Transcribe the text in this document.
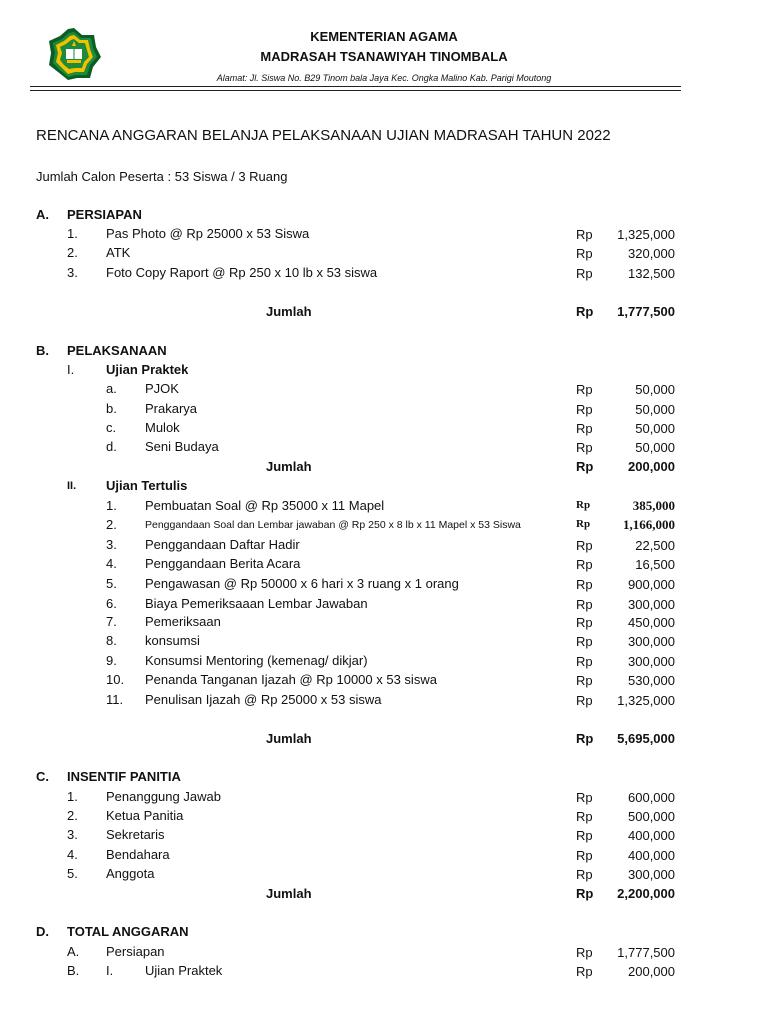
KEMENTERIAN AGAMA
MADRASAH TSANAWIYAH TINOMBALA
Alamat: Jl. Siswa No. B29 Tinom bala Jaya Kec. Ongka Malino Kab. Parigi Moutong
RENCANA ANGGARAN BELANJA PELAKSANAAN UJIAN MADRASAH TAHUN 2022
Jumlah Calon Peserta : 53 Siswa / 3 Ruang
A. PERSIAPAN
1. Pas Photo @ Rp 25000 x 53 Siswa	Rp 1,325,000
2. ATK	Rp	320,000
3. Foto Copy Raport @ Rp 250 x 10 lb x 53 siswa	Rp	132,500
Jumlah	Rp 1,777,500
B. PELAKSANAAN
I. Ujian Praktek
a. PJOK	Rp	50,000
b. Prakarya	Rp	50,000
c. Mulok	Rp	50,000
d. Seni Budaya	Rp	50,000
Jumlah	Rp	200,000
II. Ujian Tertulis
1. Pembuatan Soal @ Rp 35000 x 11 Mapel	Rp	385,000
2.	Penggandaan Soal dan Lembar jawaban @ Rp 250 x 8 lb x 11 Mapel x 53 Siswa	Rp	1,166,000
3. Penggandaan Daftar Hadir	Rp	22,500
4. Penggandaan Berita Acara	Rp	16,500
5. Pengawasan @ Rp 50000 x 6 hari x 3 ruang x 1 orang	Rp	900,000
6. Biaya Pemeriksaaan Lembar Jawaban	Rp	300,000
7. Pemeriksaan	Rp	450,000
8. konsumsi	Rp	300,000
9. Konsumsi Mentoring (kemenag/ dikjar)	Rp	300,000
10. Penanda Tanganan Ijazah @ Rp 10000 x 53 siswa	Rp	530,000
11. Penulisan Ijazah @ Rp 25000 x 53 siswa	Rp 1,325,000
Jumlah	Rp 5,695,000
C. INSENTIF PANITIA
1. Penanggung Jawab	Rp	600,000
2. Ketua Panitia	Rp	500,000
3. Sekretaris	Rp	400,000
4. Bendahara	Rp	400,000
5. Anggota	Rp	300,000
Jumlah	Rp 2,200,000
D. TOTAL ANGGARAN
A. Persiapan	Rp 1,777,500
B. I. Ujian Praktek	Rp	200,000
